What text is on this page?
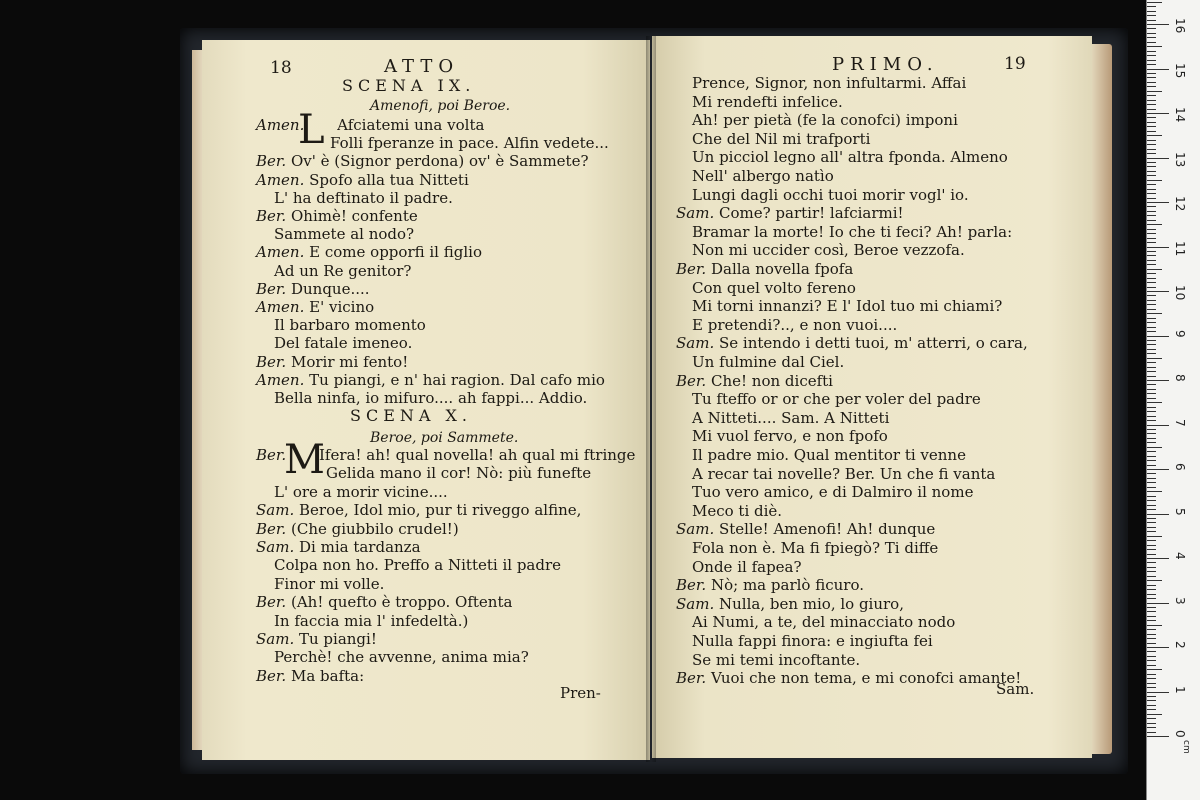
18	ATTO
SCENA IX.
Amenofi, poi Beroe.
L
Amen. Afciatemi una volta
Folli fperanze in pace. Alfin vedete...
Ber. Ov' è (Signor perdona) ov' è Sammete?
Amen. Spofo alla tua Nitteti
L' ha deftinato il padre.
Ber. Ohimè! confente
Sammete al nodo?
Amen. E come opporfi il figlio
Ad un Re genitor?
Ber. Dunque....
Amen. E' vicino
Il barbaro momento
Del fatale imeneo.
Ber. Morir mi fento!
Amen. Tu piangi, e n' hai ragion. Dal cafo mio
Bella ninfa, io mifuro.... ah fappi... Addio.
SCENA X.
Beroe, poi Sammete.
M
Ber. Ifera! ah! qual novella! ah qual mi ftringe
Gelida mano il cor! Nò: più funefte
L' ore a morir vicine....
Sam. Beroe, Idol mio, pur ti riveggo alfine,
Ber. (Che giubbilo crudel!)
Sam. Di mia tardanza
Colpa non ho. Preffo a Nitteti il padre
Finor mi volle.
Ber. (Ah! quefto è troppo. Oftenta
In faccia mia l' infedeltà.)
Sam. Tu piangi!
Perchè! che avvenne, anima mia?
Ber. Ma bafta:
Pren-
PRIMO.	19
Prence, Signor, non infultarmi. Affai
Mi rendefti infelice.
Ah! per pietà (fe la conofci) imponi
Che del Nil mi trafporti
Un picciol legno all' altra fponda. Almeno
Nell' albergo natìo
Lungi dagli occhi tuoi morir vogl' io.
Sam. Come? partir! lafciarmi!
Bramar la morte! Io che ti feci? Ah! parla:
Non mi uccider così, Beroe vezzofa.
Ber. Dalla novella fpofa
Con quel volto fereno
Mi torni innanzi? E l' Idol tuo mi chiami?
E pretendi?.., e non vuoi....
Sam. Se intendo i detti tuoi, m' atterri, o cara,
Un fulmine dal Ciel.
Ber. Che! non dicefti
Tu fteffo or or che per voler del padre
A Nitteti.... Sam. A Nitteti
Mi vuol fervo, e non fpofo
Il padre mio. Qual mentitor ti venne
A recar tai novelle? Ber. Un che fi vanta
Tuo vero amico, e di Dalmiro il nome
Meco ti diè.
Sam. Stelle! Amenofi! Ah! dunque
Fola non è. Ma fi fpiegò? Ti diffe
Onde il fapea?
Ber. Nò; ma parlò ficuro.
Sam. Nulla, ben mio, lo giuro,
Ai Numi, a te, del minacciato nodo
Nulla fappi finora: e ingiufta fei
Se mi temi incoftante.
Ber. Vuoi che non tema, e mi conofci amante!
Sam.
cm
0
1
2
3
4
5
6
7
8
9
10
11
12
13
14
15
16
